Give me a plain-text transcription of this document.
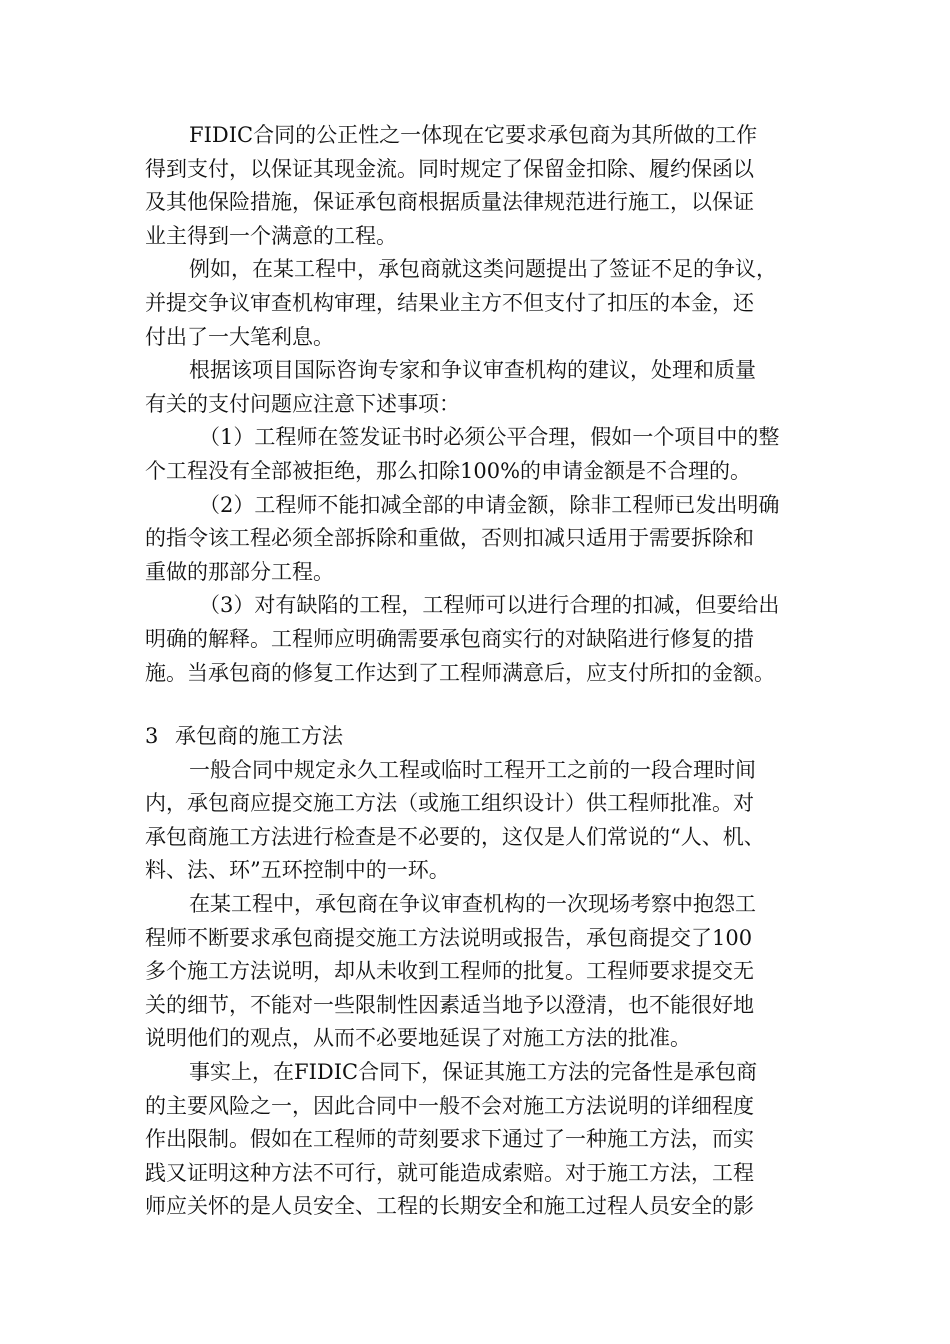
FIDIC合同的公正性之一体现在它要求承包商为其所做的工作
得到支付，以保证其现金流。同时规定了保留金扣除、履约保函以
及其他保险措施，保证承包商根据质量法律规范进行施工，以保证
业主得到一个满意的工程。
例如，在某工程中，承包商就这类问题提出了签证不足的争议，
并提交争议审查机构审理，结果业主方不但支付了扣压的本金，还
付出了一大笔利息。
根据该项目国际咨询专家和争议审查机构的建议，处理和质量
有关的支付问题应注意下述事项：
（1）工程师在签发证书时必须公平合理，假如一个项目中的整
个工程没有全部被拒绝，那么扣除100%的申请金额是不合理的。
（2）工程师不能扣减全部的申请金额，除非工程师已发出明确
的指令该工程必须全部拆除和重做，否则扣减只适用于需要拆除和
重做的那部分工程。
（3）对有缺陷的工程，工程师可以进行合理的扣减，但要给出
明确的解释。工程师应明确需要承包商实行的对缺陷进行修复的措
施。当承包商的修复工作达到了工程师满意后，应支付所扣的金额。
3 承包商的施工方法
一般合同中规定永久工程或临时工程开工之前的一段合理时间
内，承包商应提交施工方法（或施工组织设计）供工程师批准。对
承包商施工方法进行检查是不必要的，这仅是人们常说的“人、机、
料、法、环”五环控制中的一环。
在某工程中，承包商在争议审查机构的一次现场考察中抱怨工
程师不断要求承包商提交施工方法说明或报告，承包商提交了100
多个施工方法说明，却从未收到工程师的批复。工程师要求提交无
关的细节，不能对一些限制性因素适当地予以澄清，也不能很好地
说明他们的观点，从而不必要地延误了对施工方法的批准。
事实上，在FIDIC合同下，保证其施工方法的完备性是承包商
的主要风险之一，因此合同中一般不会对施工方法说明的详细程度
作出限制。假如在工程师的苛刻要求下通过了一种施工方法，而实
践又证明这种方法不可行，就可能造成索赔。对于施工方法，工程
师应关怀的是人员安全、工程的长期安全和施工过程人员安全的影
